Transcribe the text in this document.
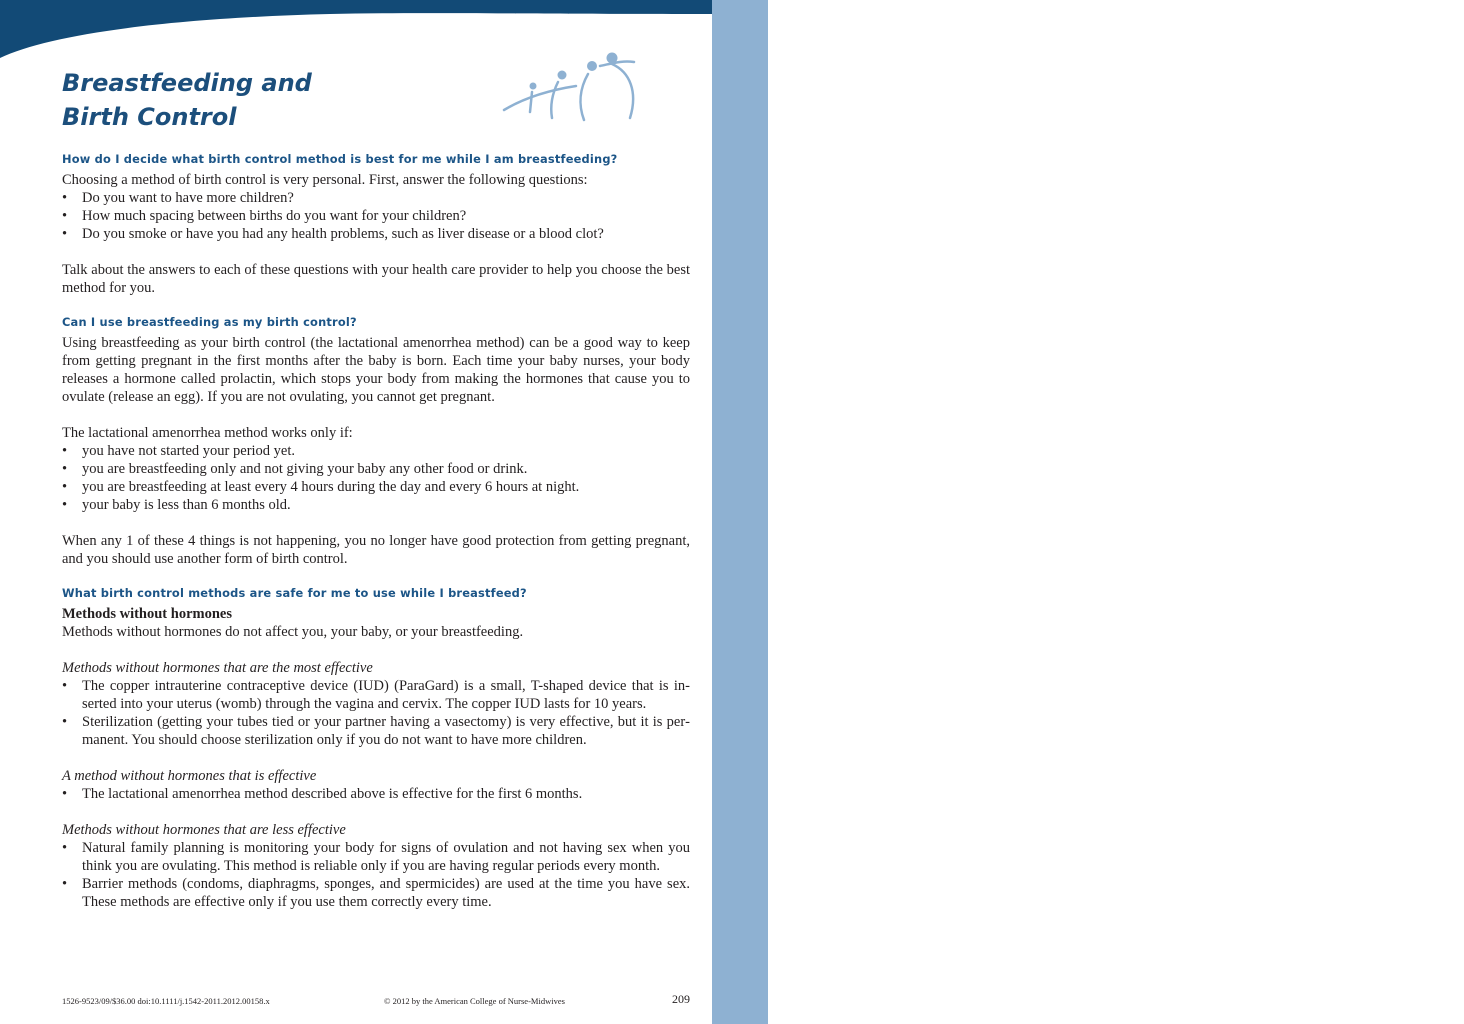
Share with Women
Journal of Midwifery & Women’s Health
Breastfeeding and
Birth Control
How do I decide what birth control method is best for me while I am breastfeeding?

Choosing a method of birth control is very personal. First, answer the following questions:

• Do you want to have more children?
• How much spacing between births do you want for your children?
• Do you smoke or have you had any health problems, such as liver disease or a blood clot?

Talk about the answers to each of these questions with your health care provider to help you choose the best method for you.

Can I use breastfeeding as my birth control?

Using breastfeeding as your birth control (the lactational amenorrhea method) can be a good way to keep from getting pregnant in the first months after the baby is born. Each time your baby nurses, your body releases a hormone called prolactin, which stops your body from making the hormones that cause you to ovulate (release an egg). If you are not ovulating, you cannot get pregnant.

The lactational amenorrhea method works only if:

• you have not started your period yet.
• you are breastfeeding only and not giving your baby any other food or drink.
• you are breastfeeding at least every 4 hours during the day and every 6 hours at night.
• your baby is less than 6 months old.

When any 1 of these 4 things is not happening, you no longer have good protection from getting pregnant, and you should use another form of birth control.

What birth control methods are safe for me to use while I breastfeed?

Methods without hormones

Methods without hormones do not affect you, your baby, or your breastfeeding.

Methods without hormones that are the most effective

• The copper intrauterine contraceptive device (IUD) (ParaGard) is a small, T-shaped device that is inserted into your uterus (womb) through the vagina and cervix. The copper IUD lasts for 10 years.
• Sterilization (getting your tubes tied or your partner having a vasectomy) is very effective, but it is permanent. You should choose sterilization only if you do not want to have more children.

A method without hormones that is effective

• The lactational amenorrhea method described above is effective for the first 6 months.

Methods without hormones that are less effective

• Natural family planning is monitoring your body for signs of ovulation and not having sex when you think you are ovulating. This method is reliable only if you are having regular periods every month.
• Barrier methods (condoms, diaphragms, sponges, and spermicides) are used at the time you have sex. These methods are effective only if you use them correctly every time.
1526-9523/09/$36.00 doi:10.1111/j.1542-2011.2012.00158.x	© 2012 by the American College of Nurse-Midwives	209
